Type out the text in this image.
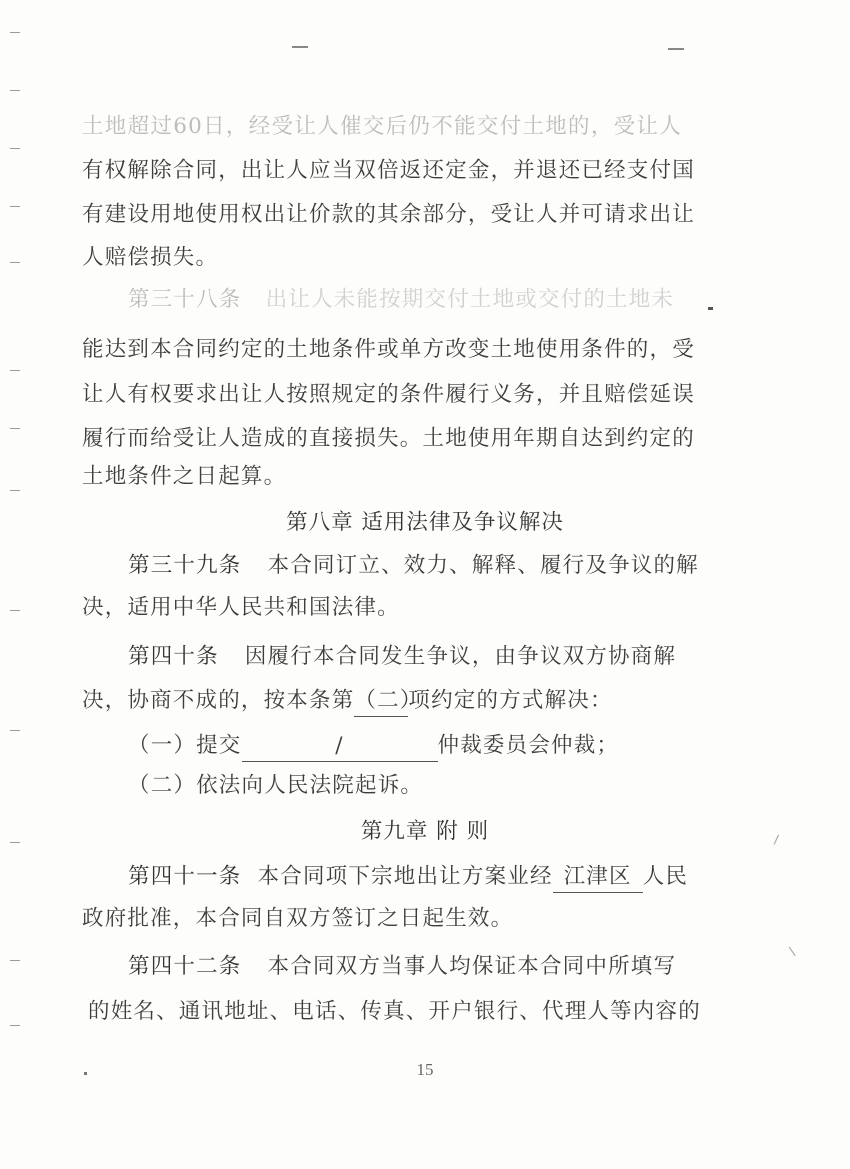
土地超过60日，经受让人催交后仍不能交付土地的，受让人
有权解除合同，出让人应当双倍返还定金，并退还已经支付国
有建设用地使用权出让价款的其余部分，受让人并可请求出让
人赔偿损失。
第三十八条 出让人未能按期交付土地或交付的土地未
能达到本合同约定的土地条件或单方改变土地使用条件的，受
让人有权要求出让人按照规定的条件履行义务，并且赔偿延误
履行而给受让人造成的直接损失。土地使用年期自达到约定的
土地条件之日起算。
第八章 适用法律及争议解决
第三十九条 本合同订立、效力、解释、履行及争议的解
决，适用中华人民共和国法律。
第四十条 因履行本合同发生争议，由争议双方协商解
决，协商不成的，按本条第（二）项约定的方式解决：
（一）提交	/	仲裁委员会仲裁；
（二）依法向人民法院起诉。
第九章 附 则
第四十一条 本合同项下宗地出让方案业经 江津区 人民
政府批准，本合同自双方签订之日起生效。
第四十二条 本合同双方当事人均保证本合同中所填写
的姓名、通讯地址、电话、传真、开户银行、代理人等内容的
15
⸍
⸌
